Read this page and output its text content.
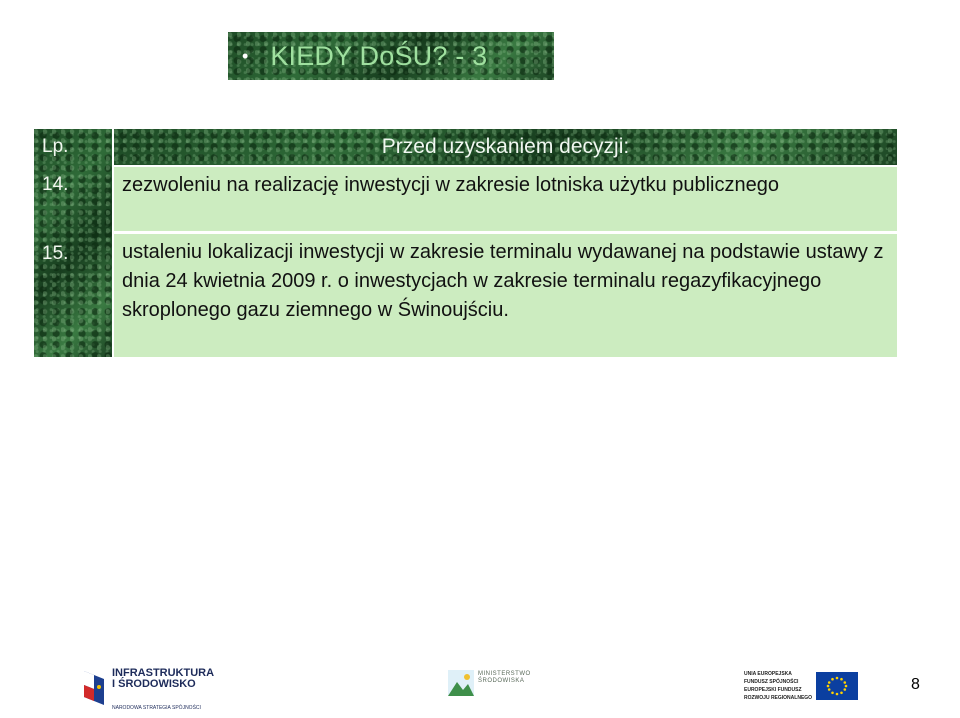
• KIEDY DoŚU? - 3
Lp.
14.
15.
Przed uzyskaniem decyzji:
zezwoleniu na realizację inwestycji w zakresie lotniska użytku publicznego
ustaleniu lokalizacji inwestycji w zakresie terminalu wydawanej na podstawie ustawy z dnia 24 kwietnia 2009 r. o inwestycjach w zakresie terminalu regazyfikacyjnego skroplonego gazu ziemnego w Świnoujściu.
INFRASTRUKTURA
I ŚRODOWISKO
NARODOWA STRATEGIA SPÓJNOŚCI
MINISTERSTWO
ŚRODOWISKA
UNIA EUROPEJSKA
FUNDUSZ SPÓJNOŚCI
EUROPEJSKI FUNDUSZ
ROZWOJU REGIONALNEGO
8
